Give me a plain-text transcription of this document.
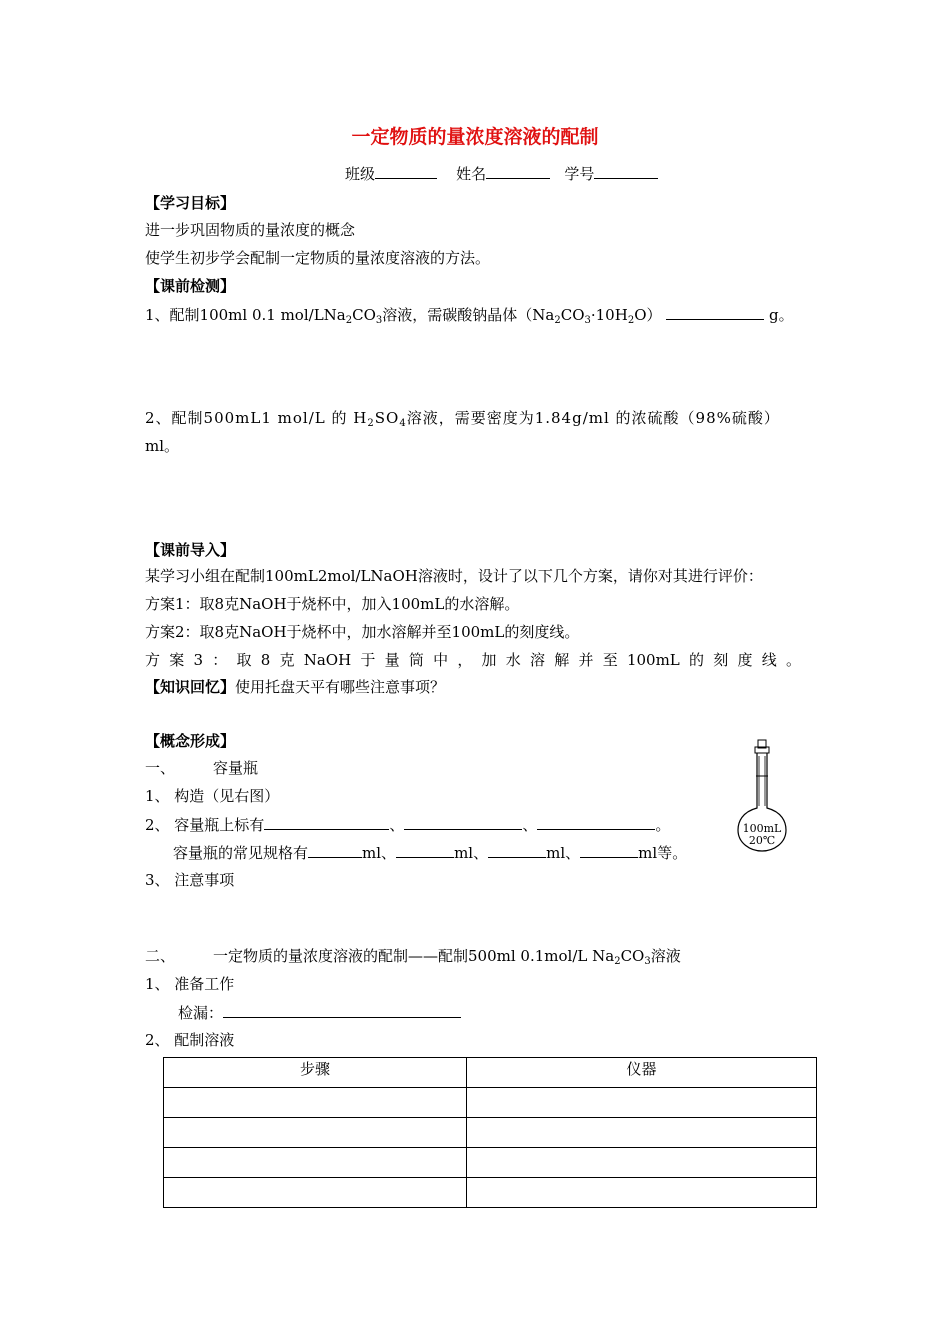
一定物质的量浓度溶液的配制
班级	姓名	学号
【学习目标】
进一步巩固物质的量浓度的概念
使学生初步学会配制一定物质的量浓度溶液的方法。
【课前检测】
1、配制100ml 0.1 mol/$LNa_2CO_3$溶液，需碳酸钠晶体$(Na_2CO_3\cdot 10H_2O)$	g。
2、配制500mL1 mol/L 的 $H_2SO_4$溶液，需要密度为1.84g/ml 的浓硫酸（98%硫酸）
ml。
【课前导入】
某学习小组在配制100mL2mol/LNaOH溶液时，设计了以下几个方案，请你对其进行评价：
方案1：取8克NaOH于烧杯中，加入100mL的水溶解。
方案2：取8克NaOH于烧杯中，加水溶解并至100mL的刻度线。
方 案 3 ： 取 8 克 NaOH 于 量 筒 中 ， 加 水 溶 解 并 至 100mL 的 刻 度 线 。
【知识回忆】使用托盘天平有哪些注意事项？
【概念形成】
一、	容量瓶
1、 构造（见右图）
2、 容量瓶上标有	、	、	。
容量瓶的常见规格有	ml、	ml、	ml、	ml等。
3、 注意事项
100mL
20℃
二、	一定物质的量浓度溶液的配制——配制500ml 0.1mol/L $Na_2CO_3$溶液
1、 准备工作
检漏：
2、 配制溶液
步骤	仪器
